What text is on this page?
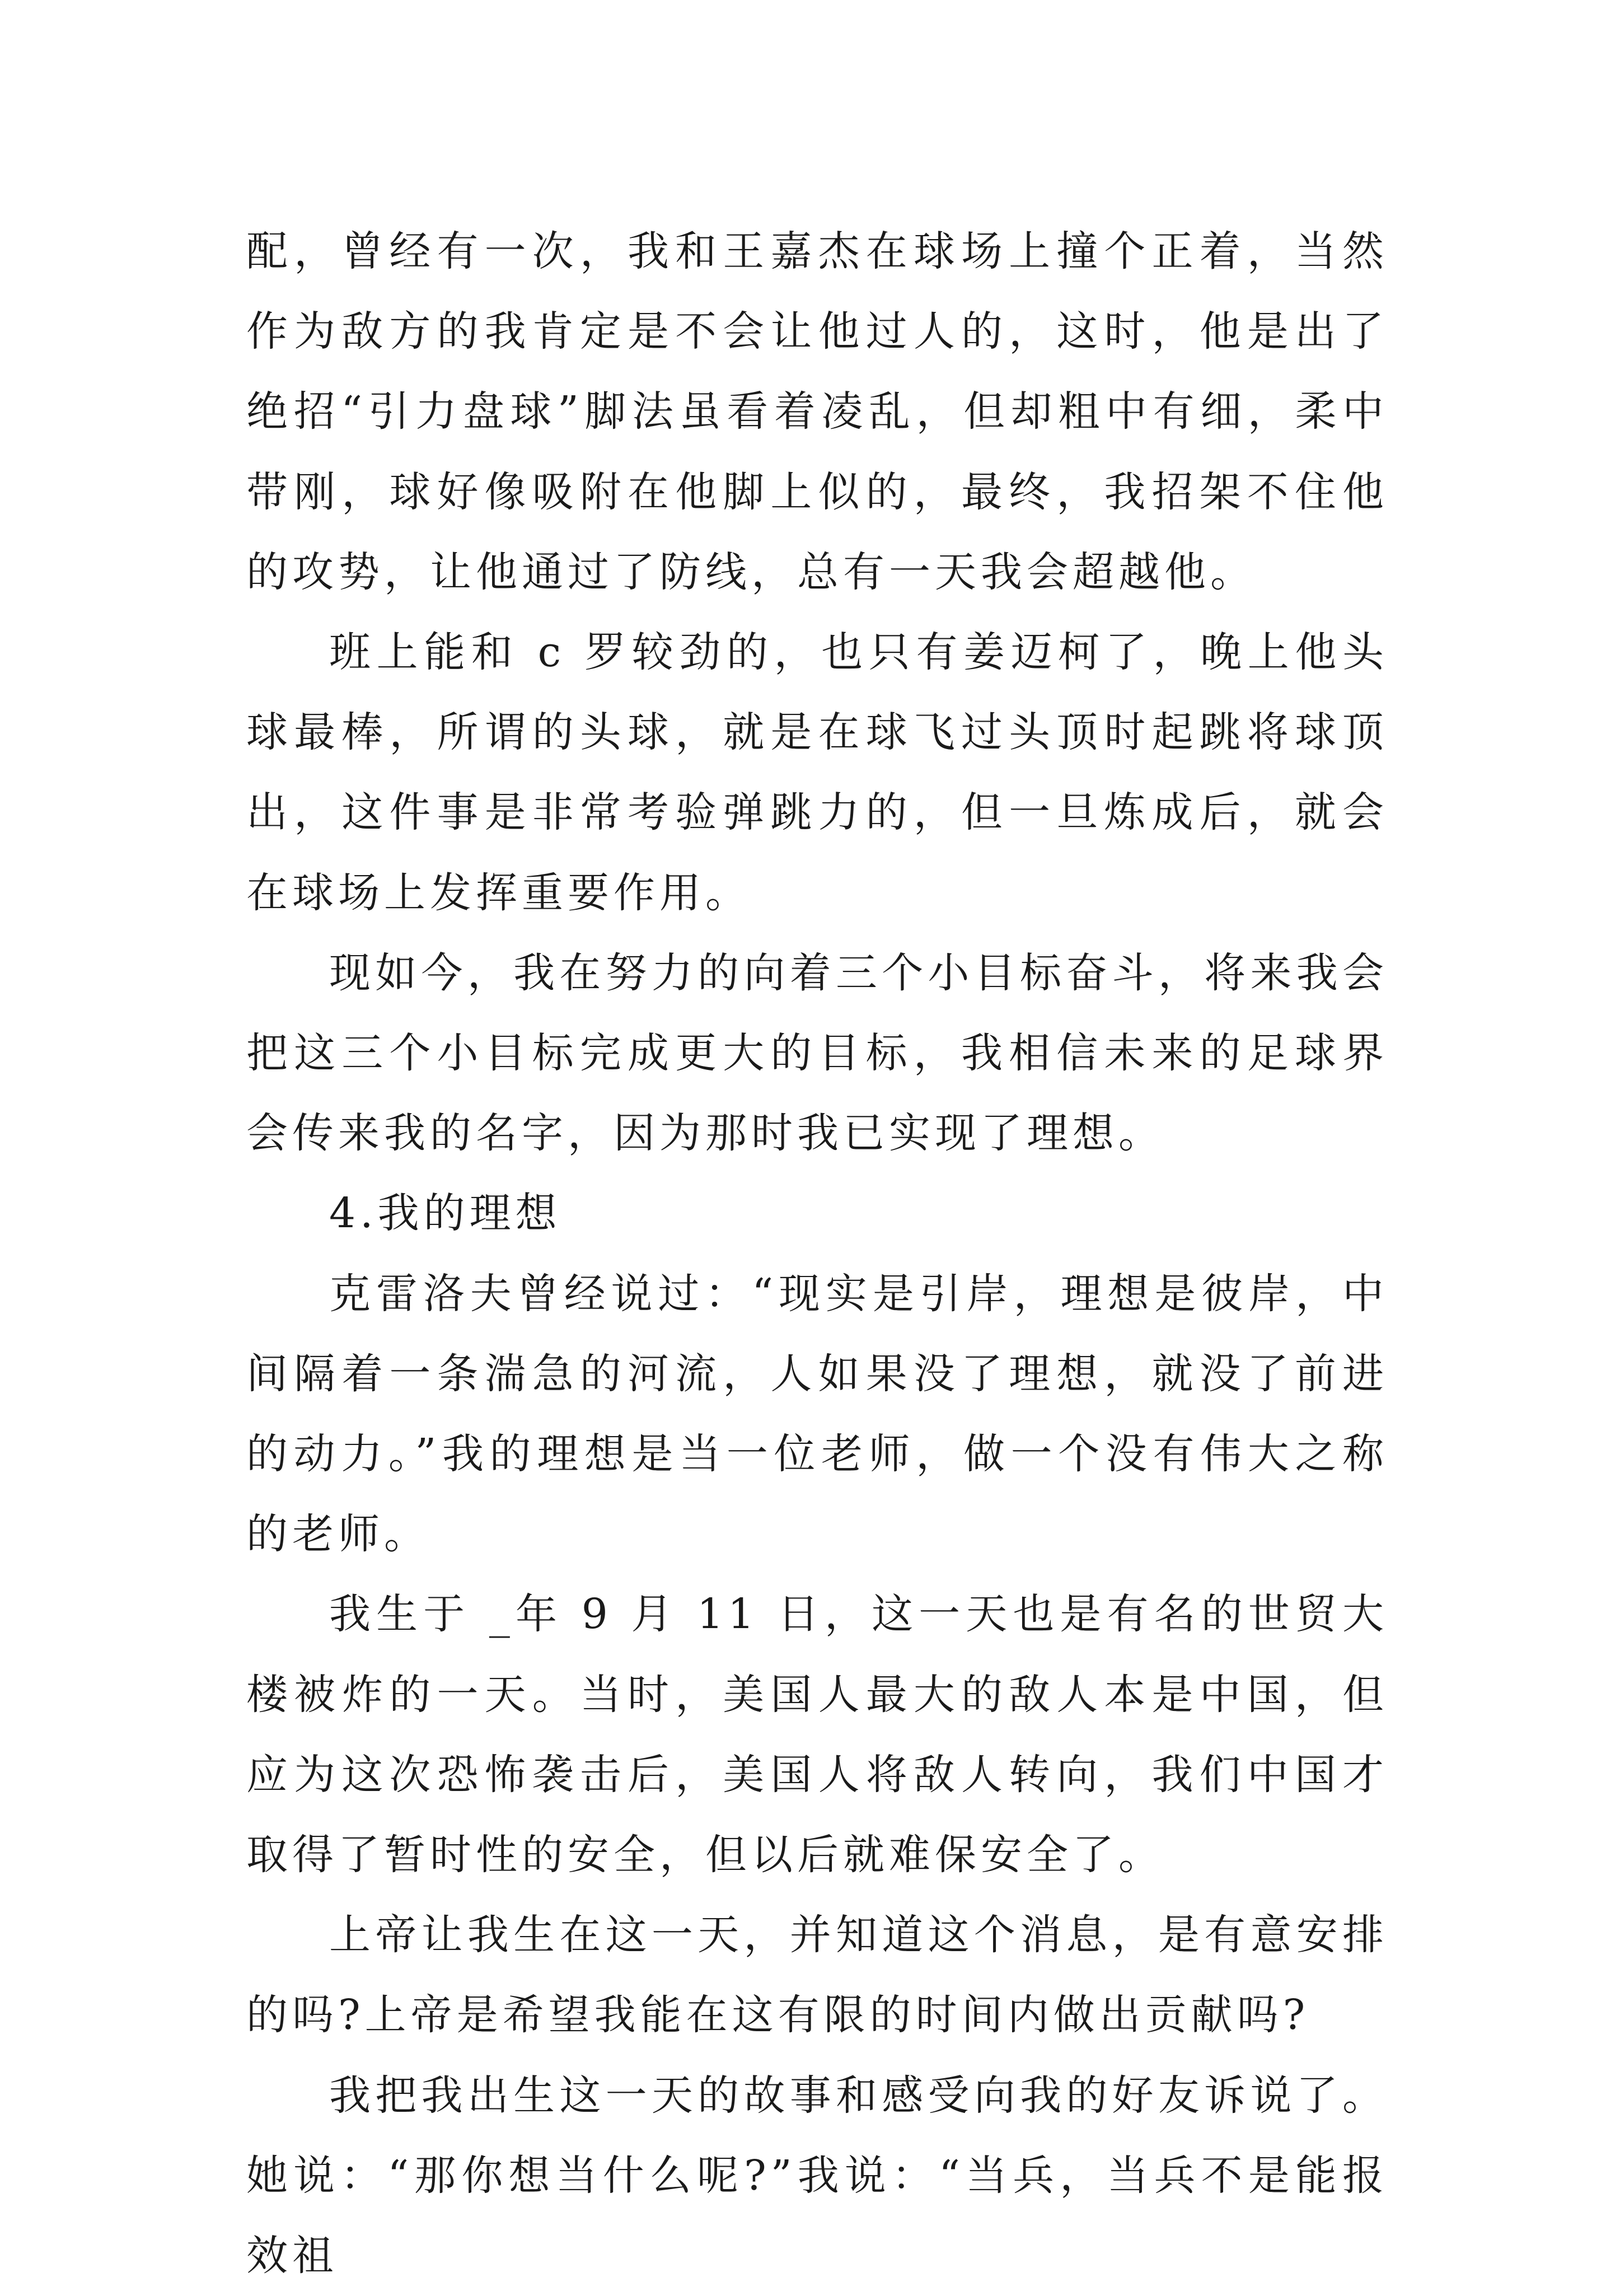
配，曾经有一次，我和王嘉杰在球场上撞个正着，当然作为敌方的我肯定是不会让他过人的，这时，他是出了绝招“引力盘球”脚法虽看着凌乱，但却粗中有细，柔中带刚，球好像吸附在他脚上似的，最终，我招架不住他的攻势，让他通过了防线，总有一天我会超越他。

班上能和 c 罗较劲的，也只有姜迈柯了，晚上他头球最棒，所谓的头球，就是在球飞过头顶时起跳将球顶出，这件事是非常考验弹跳力的，但一旦炼成后，就会在球场上发挥重要作用。

现如今，我在努力的向着三个小目标奋斗，将来我会把这三个小目标完成更大的目标，我相信未来的足球界会传来我的名字，因为那时我已实现了理想。

4.我的理想

克雷洛夫曾经说过：“现实是引岸，理想是彼岸，中间隔着一条湍急的河流，人如果没了理想，就没了前进的动力。”我的理想是当一位老师，做一个没有伟大之称的老师。

我生于 _年 9 月 11 日，这一天也是有名的世贸大楼被炸的一天。当时，美国人最大的敌人本是中国，但应为这次恐怖袭击后，美国人将敌人转向，我们中国才取得了暂时性的安全，但以后就难保安全了。

上帝让我生在这一天，并知道这个消息，是有意安排的吗?上帝是希望我能在这有限的时间内做出贡献吗?

我把我出生这一天的故事和感受向我的好友诉说了。她说：“那你想当什么呢?”我说：“当兵，当兵不是能报效祖
